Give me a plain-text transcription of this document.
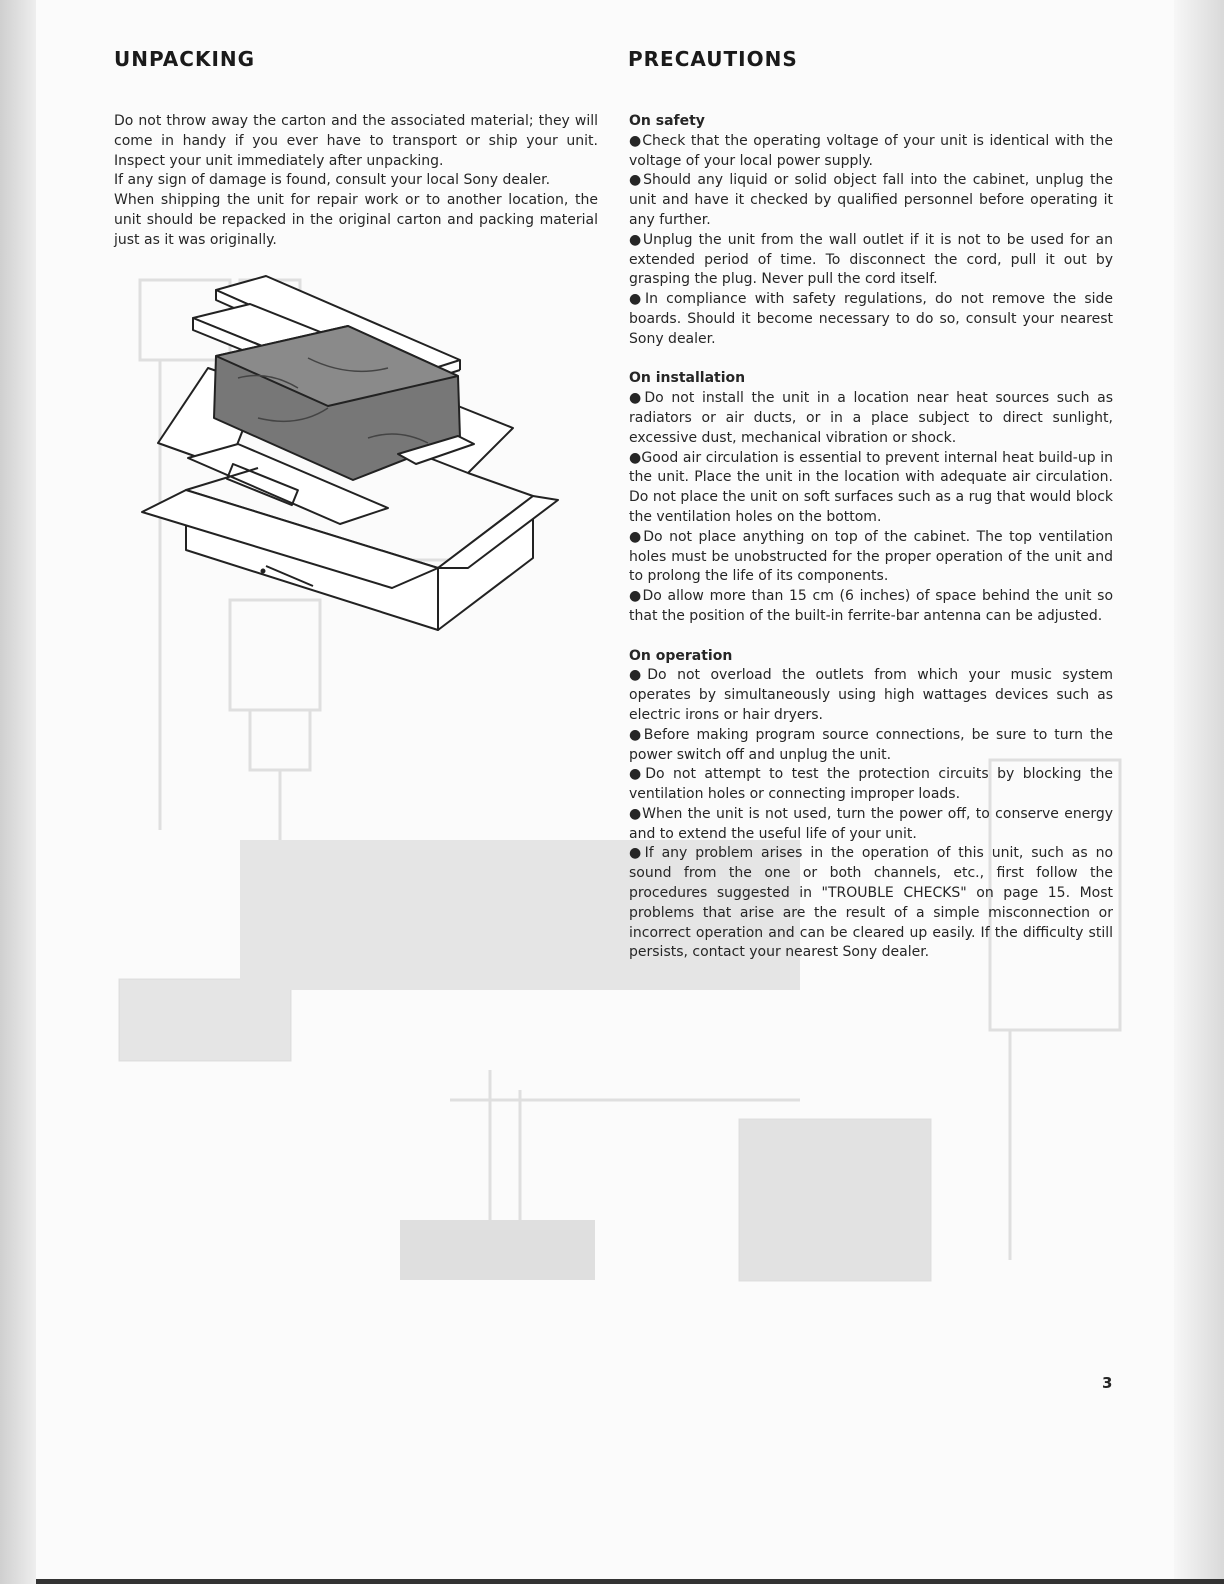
UNPACKING	PRECAUTIONS

Do not throw away the carton and the associated material; they will come in handy if you ever have to transport or ship your unit. Inspect your unit immediately after unpacking.

If any sign of damage is found, consult your local Sony dealer.

When shipping the unit for repair work or to another location, the unit should be repacked in the original carton and packing material just as it was originally.

On safety

●Check that the operating voltage of your unit is identical with the voltage of your local power supply.

●Should any liquid or solid object fall into the cabinet, unplug the unit and have it checked by qualified personnel before operating it any further.

●Unplug the unit from the wall outlet if it is not to be used for an extended period of time. To disconnect the cord, pull it out by grasping the plug. Never pull the cord itself.

●In compliance with safety regulations, do not remove the side boards. Should it become necessary to do so, consult your nearest Sony dealer.

On installation

●Do not install the unit in a location near heat sources such as radiators or air ducts, or in a place subject to direct sunlight, excessive dust, mechanical vibration or shock.

●Good air circulation is essential to prevent internal heat build-up in the unit. Place the unit in the location with adequate air circulation. Do not place the unit on soft surfaces such as a rug that would block the ventilation holes on the bottom.

●Do not place anything on top of the cabinet. The top ventilation holes must be unobstructed for the proper operation of the unit and to prolong the life of its components.

●Do allow more than 15 cm (6 inches) of space behind the unit so that the position of the built-in ferrite-bar antenna can be adjusted.

On operation

●Do not overload the outlets from which your music system operates by simultaneously using high wattages devices such as electric irons or hair dryers.

●Before making program source connections, be sure to turn the power switch off and unplug the unit.

●Do not attempt to test the protection circuits by blocking the ventilation holes or connecting improper loads.

●When the unit is not used, turn the power off, to conserve energy and to extend the useful life of your unit.

●If any problem arises in the operation of this unit, such as no sound from the one or both channels, etc., first follow the procedures suggested in "TROUBLE CHECKS" on page 15. Most problems that arise are the result of a simple misconnection or incorrect operation and can be cleared up easily. If the difficulty still persists, contact your nearest Sony dealer.

3
